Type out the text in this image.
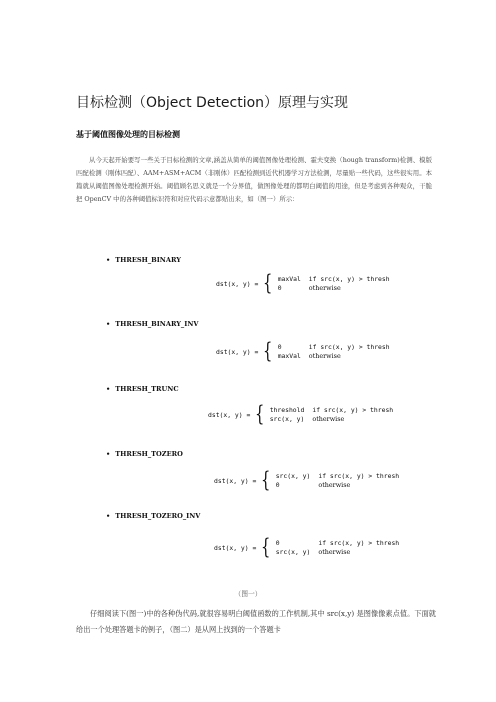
目标检测（Object Detection）原理与实现
基于阈值图像处理的目标检测
从今天起开始要写一些关于目标检测的文章,涵盖从简单的阈值图像处理检测、霍夫变换（hough transform)检测、模版匹配检测（刚体匹配）、AAM+ASM+ACM（非刚体）匹配检测到近代机器学习方法检测，尽量贴一些代码，这些很实用。本篇就从阈值图像处理检测开始。阈值顾名思义就是一个分界值，做图像处理的都明白阈值的用途，但是考虑到各种观众，干脆把 OpenCV 中的各种阈值标识符和对应代码示意都贴出来，如（图一）所示：
• THRESH_BINARY
dst(x, y) = { maxVal if src(x, y) > thresh
0	otherwise
• THRESH_BINARY_INV
dst(x, y) = { 0	if src(x, y) > thresh
maxVal otherwise
• THRESH_TRUNC
dst(x, y) = { threshold if src(x, y) > thresh
src(x, y) otherwise
• THRESH_TOZERO
dst(x, y) = { src(x, y) if src(x, y) > thresh
0	otherwise
• THRESH_TOZERO_INV
dst(x, y) = { 0	if src(x, y) > thresh
src(x, y) otherwise
（图一）
仔细阅读下(图一)中的各种伪代码,就很容易明白阈值函数的工作机制,其中 src(x,y) 是图像像素点值。下面就给出一个处理答题卡的例子，（图二）是从网上找到的一个答题卡
